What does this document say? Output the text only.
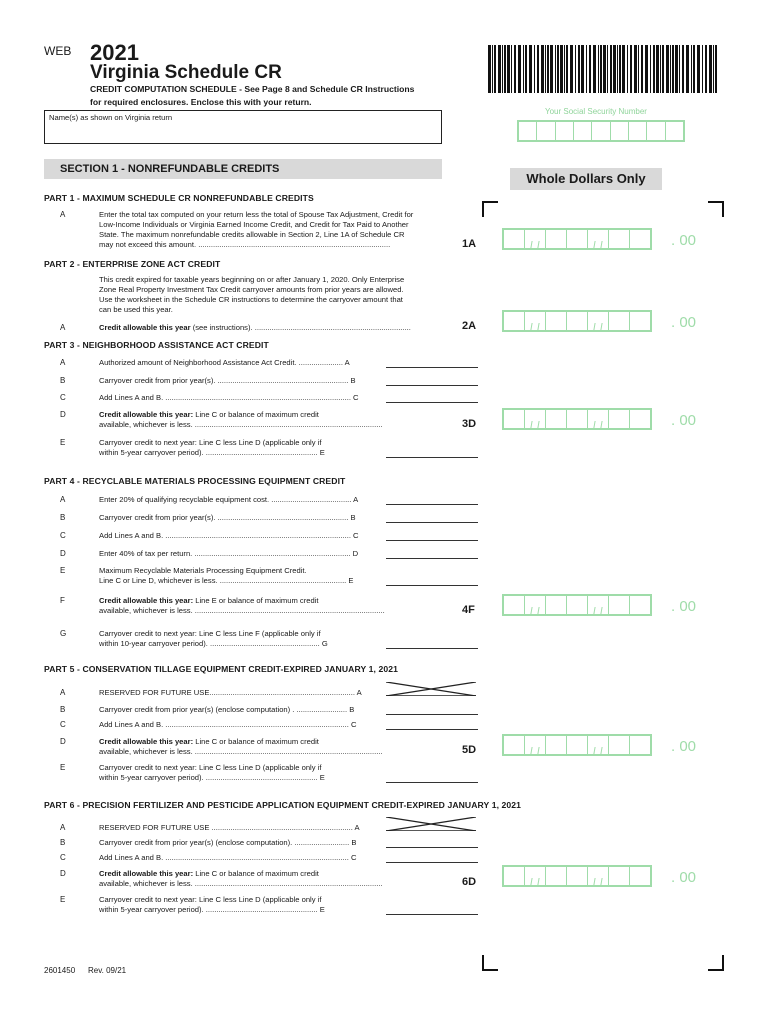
WEB 2021
Virginia Schedule CR
CREDIT COMPUTATION SCHEDULE - See Page 8 and Schedule CR Instructions
for required enclosures. Enclose this with your return.
Name(s) as shown on Virginia return
Your Social Security Number
SECTION 1 - NONREFUNDABLE CREDITS
Whole Dollars Only
PART 1 - MAXIMUM SCHEDULE CR NONREFUNDABLE CREDITS
A	Enter the total tax computed on your return less the total of Spouse Tax Adjustment, Credit for
Low-Income Individuals or Virginia Earned Income Credit, and Credit for Tax Paid to Another
State. The maximum nonrefundable credits allowable in Section 2, Line 1A of Schedule CR
may not exceed this amount. ...........................................................................................	1A	. 00
PART 2 - ENTERPRISE ZONE ACT CREDIT
This credit expired for taxable years beginning on or after January 1, 2020. Only Enterprise
Zone Real Property Investment Tax Credit carryover amounts from prior years are allowed.
Use the worksheet in the Schedule CR instructions to determine the carryover amount that
can be used this year.
A	Credit allowable this year (see instructions). ..........................................................................	2A	. 00
PART 3 - NEIGHBORHOOD ASSISTANCE ACT CREDIT
A	Authorized amount of Neighborhood Assistance Act Credit. ..................... A
B	Carryover credit from prior year(s). .............................................................. B
C	Add Lines A and B. ........................................................................................ C
D	Credit allowable this year: Line C or balance of maximum credit
available, whichever is less. .........................................................................................	3D	. 00
E	Carryover credit to next year: Line C less Line D (applicable only if
within 5-year carryover period). ..................................................... E
PART 4 - RECYCLABLE MATERIALS PROCESSING EQUIPMENT CREDIT
A	Enter 20% of qualifying recyclable equipment cost. ...................................... A
B	Carryover credit from prior year(s). .............................................................. B
C	Add Lines A and B. ........................................................................................ C
D	Enter 40% of tax per return. .......................................................................... D
E	Maximum Recyclable Materials Processing Equipment Credit.
Line C or Line D, whichever is less. ............................................................ E
F	Credit allowable this year: Line E or balance of maximum credit
available, whichever is less. ..........................................................................................	4F	. 00
G	Carryover credit to next year: Line C less Line F (applicable only if
within 10-year carryover period). .................................................... G
PART 5 - CONSERVATION TILLAGE EQUIPMENT CREDIT-EXPIRED JANUARY 1, 2021
A	RESERVED FOR FUTURE USE..................................................................... A
B	Carryover credit from prior year(s) (enclose computation) . ........................ B
C	Add Lines A and B. ....................................................................................... C
D	Credit allowable this year: Line C or balance of maximum credit
available, whichever is less. .........................................................................................	5D	. 00
E	Carryover credit to next year: Line C less Line D (applicable only if
within 5-year carryover period). ..................................................... E
PART 6 - PRECISION FERTILIZER AND PESTICIDE APPLICATION EQUIPMENT CREDIT-EXPIRED JANUARY 1, 2021
A	RESERVED FOR FUTURE USE ................................................................... A
B	Carryover credit from prior year(s) (enclose computation). .......................... B
C	Add Lines A and B. ....................................................................................... C
D	Credit allowable this year: Line C or balance of maximum credit
available, whichever is less. .........................................................................................	6D	. 00
E	Carryover credit to next year: Line C less Line D (applicable only if
within 5-year carryover period). ..................................................... E
2601450 Rev. 09/21
